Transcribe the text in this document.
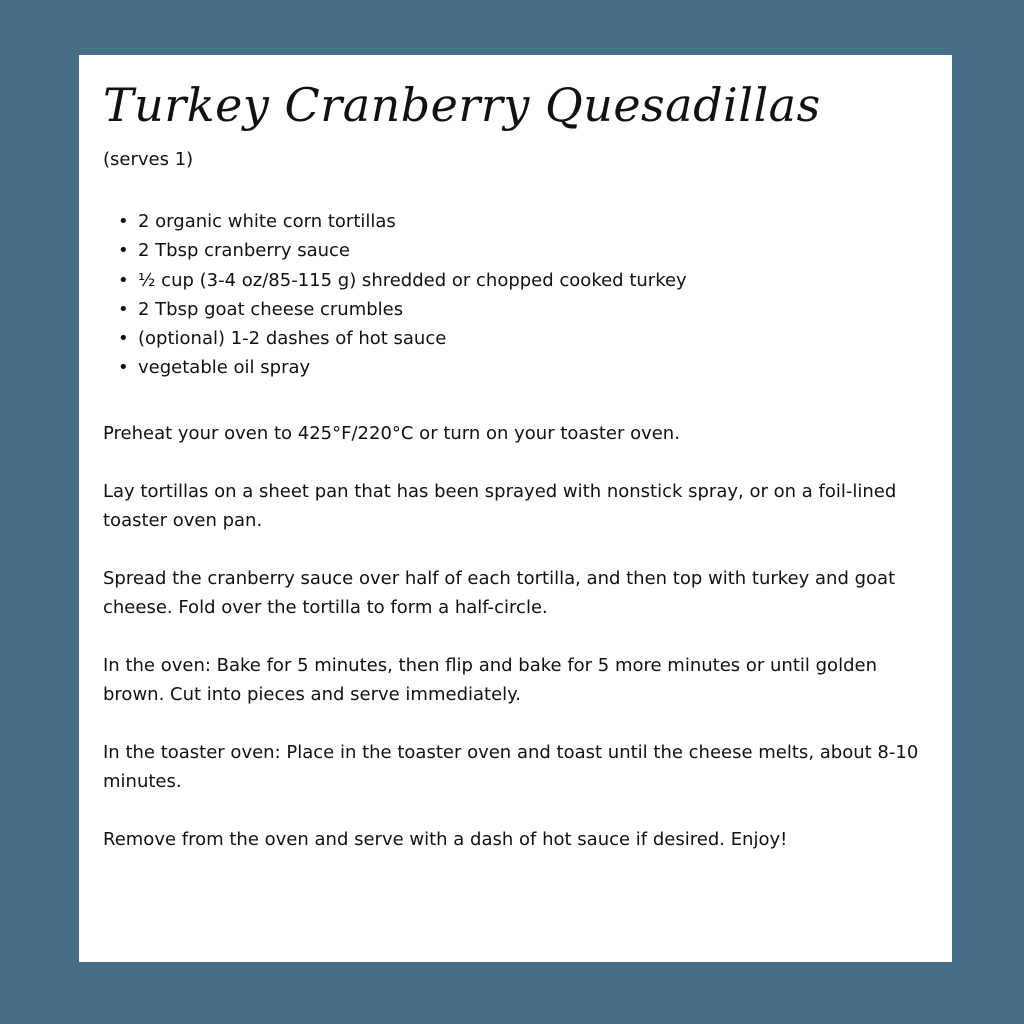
Turkey Cranberry Quesadillas
(serves 1)
• 2 organic white corn tortillas
• 2 Tbsp cranberry sauce
• ½ cup (3-4 oz/85-115 g) shredded or chopped cooked turkey
• 2 Tbsp goat cheese crumbles
• (optional) 1-2 dashes of hot sauce
• vegetable oil spray

Preheat your oven to 425°F/220°C or turn on your toaster oven.

Lay tortillas on a sheet pan that has been sprayed with nonstick spray, or on a foil-lined toaster oven pan.

Spread the cranberry sauce over half of each tortilla, and then top with turkey and goat cheese. Fold over the tortilla to form a half-circle.

In the oven: Bake for 5 minutes, then flip and bake for 5 more minutes or until golden brown. Cut into pieces and serve immediately.

In the toaster oven: Place in the toaster oven and toast until the cheese melts, about 8-10 minutes.

Remove from the oven and serve with a dash of hot sauce if desired. Enjoy!
